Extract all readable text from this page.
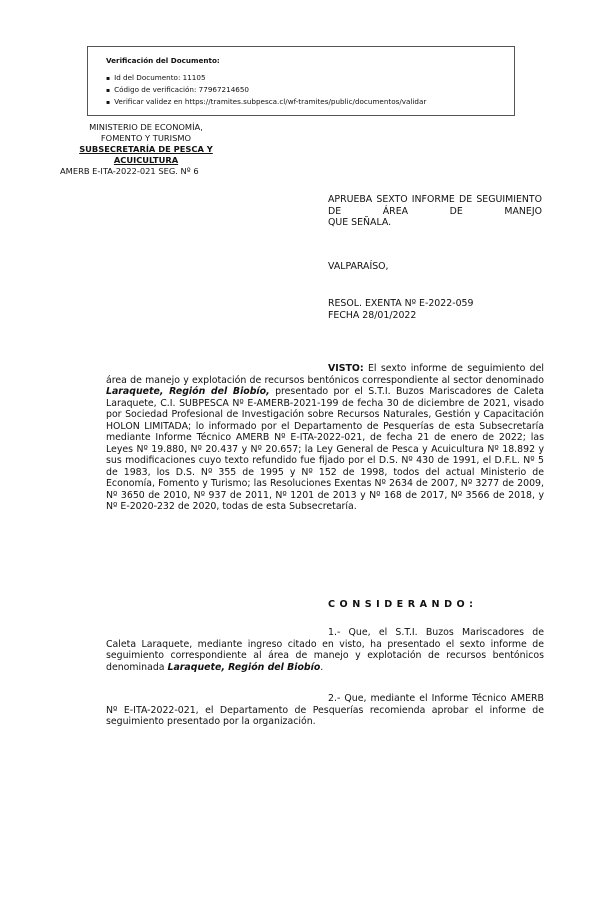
Verificación del Documento:
▪ Id del Documento: 11105
▪ Código de verificación: 77967214650
▪ Verificar validez en https://tramites.subpesca.cl/wf-tramites/public/documentos/validar
MINISTERIO DE ECONOMÍA,
FOMENTO Y TURISMO
SUBSECRETARÍA DE PESCA Y
ACUICULTURA
AMERB E-ITA-2022-021 SEG. Nº 6
APRUEBA SEXTO INFORME DE SEGUIMIENTO DE ÁREA DE MANEJO
QUE SEÑALA.
VALPARAÍSO,
RESOL. EXENTA Nº E-2022-059
FECHA 28/01/2022
VISTO: El sexto informe de seguimiento del área de manejo y explotación de recursos bentónicos correspondiente al sector denominado Laraquete, Región del Biobío, presentado por el S.T.I. Buzos Mariscadores de Caleta Laraquete, C.I. SUBPESCA Nº E-AMERB-2021-199 de fecha 30 de diciembre de 2021, visado por Sociedad Profesional de Investigación sobre Recursos Naturales, Gestión y Capacitación HOLON LIMITADA; lo informado por el Departamento de Pesquerías de esta Subsecretaría mediante Informe Técnico AMERB Nº E-ITA-2022-021, de fecha 21 de enero de 2022; las Leyes Nº 19.880, Nº 20.437 y Nº 20.657; la Ley General de Pesca y Acuicultura Nº 18.892 y sus modificaciones cuyo texto refundido fue fijado por el D.S. Nº 430 de 1991, el D.F.L. Nº 5 de 1983, los D.S. Nº 355 de 1995 y Nº 152 de 1998, todos del actual Ministerio de Economía, Fomento y Turismo; las Resoluciones Exentas Nº 2634 de 2007, Nº 3277 de 2009, Nº 3650 de 2010, Nº 937 de 2011, Nº 1201 de 2013 y Nº 168 de 2017, Nº 3566 de 2018, y Nº E-2020-232 de 2020, todas de esta Subsecretaría.
CONSIDERANDO:
1.- Que, el S.T.I. Buzos Mariscadores de Caleta Laraquete, mediante ingreso citado en visto, ha presentado el sexto informe de seguimiento correspondiente al área de manejo y explotación de recursos bentónicos denominada Laraquete, Región del Biobío.
2.- Que, mediante el Informe Técnico AMERB Nº E-ITA-2022-021, el Departamento de Pesquerías recomienda aprobar el informe de seguimiento presentado por la organización.
